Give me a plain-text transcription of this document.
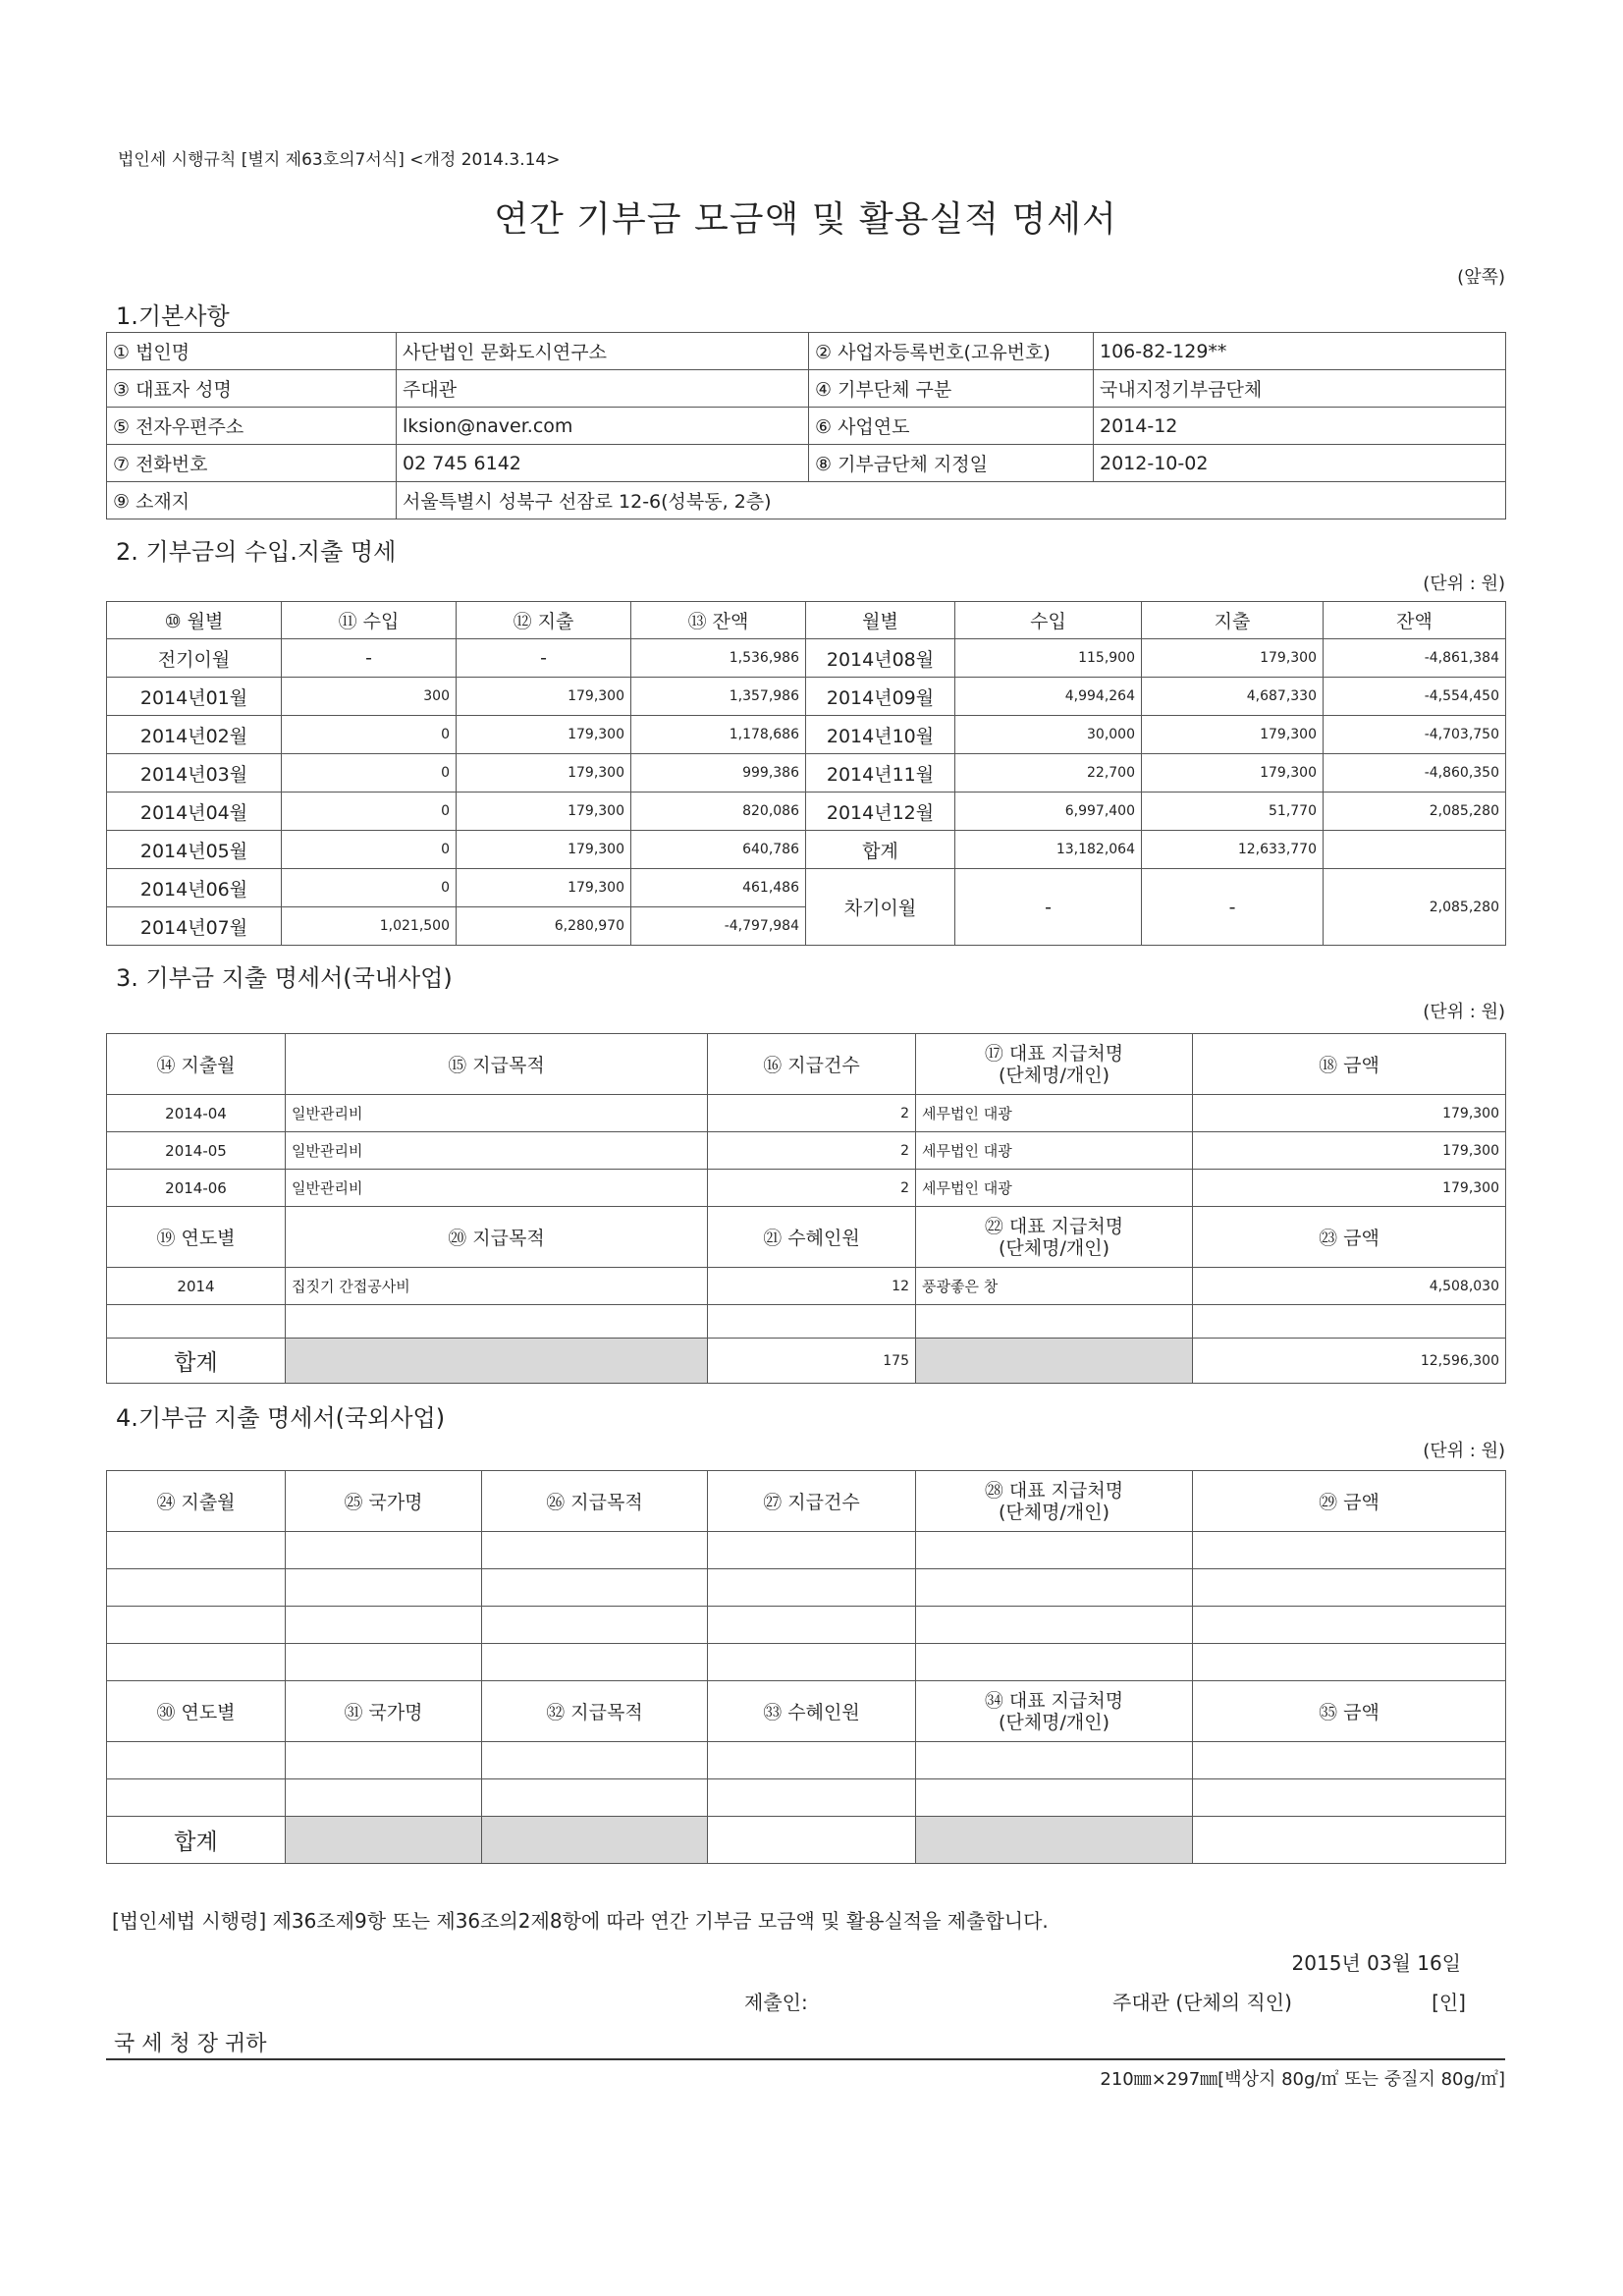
법인세 시행규칙 [별지 제63호의7서식] <개정 2014.3.14>
연간 기부금 모금액 및 활용실적 명세서
(앞쪽)
1.기본사항
① 법인명	사단법인 문화도시연구소	② 사업자등록번호(고유번호)	106-82-129**
③ 대표자 성명	주대관	④ 기부단체 구분	국내지정기부금단체
⑤ 전자우편주소	lksion@naver.com	⑥ 사업연도	2014-12
⑦ 전화번호	02 745 6142	⑧ 기부금단체 지정일	2012-10-02
⑨ 소재지	서울특별시 성북구 선잠로 12-6(성북동, 2층)		
2. 기부금의 수입.지출 명세
(단위 : 원)
⑩ 월별	⑪ 수입	⑫ 지출	⑬ 잔액	월별	수입	지출	잔액
전기이월	-	-	1,536,986	2014년08월	115,900	179,300	-4,861,384
2014년01월	300	179,300	1,357,986	2014년09월	4,994,264	4,687,330	-4,554,450
2014년02월	0	179,300	1,178,686	2014년10월	30,000	179,300	-4,703,750
2014년03월	0	179,300	999,386	2014년11월	22,700	179,300	-4,860,350
2014년04월	0	179,300	820,086	2014년12월	6,997,400	51,770	2,085,280
2014년05월	0	179,300	640,786	합계	13,182,064	12,633,770	
2014년06월	0	179,300	461,486	차기이월	-	-	2,085,280
2014년07월	1,021,500	6,280,970	-4,797,984				
3. 기부금 지출 명세서(국내사업)
(단위 : 원)
⑭ 지출월	⑮ 지급목적	⑯ 지급건수	⑰ 대표 지급처명
(단체명/개인)	⑱ 금액
2014-04	일반관리비	2	세무법인 대광	179,300
2014-05	일반관리비	2	세무법인 대광	179,300
2014-06	일반관리비	2	세무법인 대광	179,300
⑲ 연도별	⑳ 지급목적	㉑ 수혜인원	㉒ 대표 지급처명
(단체명/개인)	㉓ 금액
2014	집짓기 간접공사비	12	풍광좋은 창	4,508,030

합계		175		12,596,300
4.기부금 지출 명세서(국외사업)
(단위 : 원)
㉔ 지출월	㉕ 국가명	㉖ 지급목적	㉗ 지급건수	㉘ 대표 지급처명
(단체명/개인)	㉙ 금액

㉚ 연도별	㉛ 국가명	㉜ 지급목적	㉝ 수혜인원	㉞ 대표 지급처명
(단체명/개인)	㉟ 금액

합계					
[법인세법 시행령] 제36조제9항 또는 제36조의2제8항에 따라 연간 기부금 모금액 및 활용실적을 제출합니다.
2015년 03월 16일
제출인:	주대관 (단체의 직인)	[인]
국 세 청 장 귀하
210㎜×297㎜[백상지 80g/㎡ 또는 중질지 80g/㎡]
